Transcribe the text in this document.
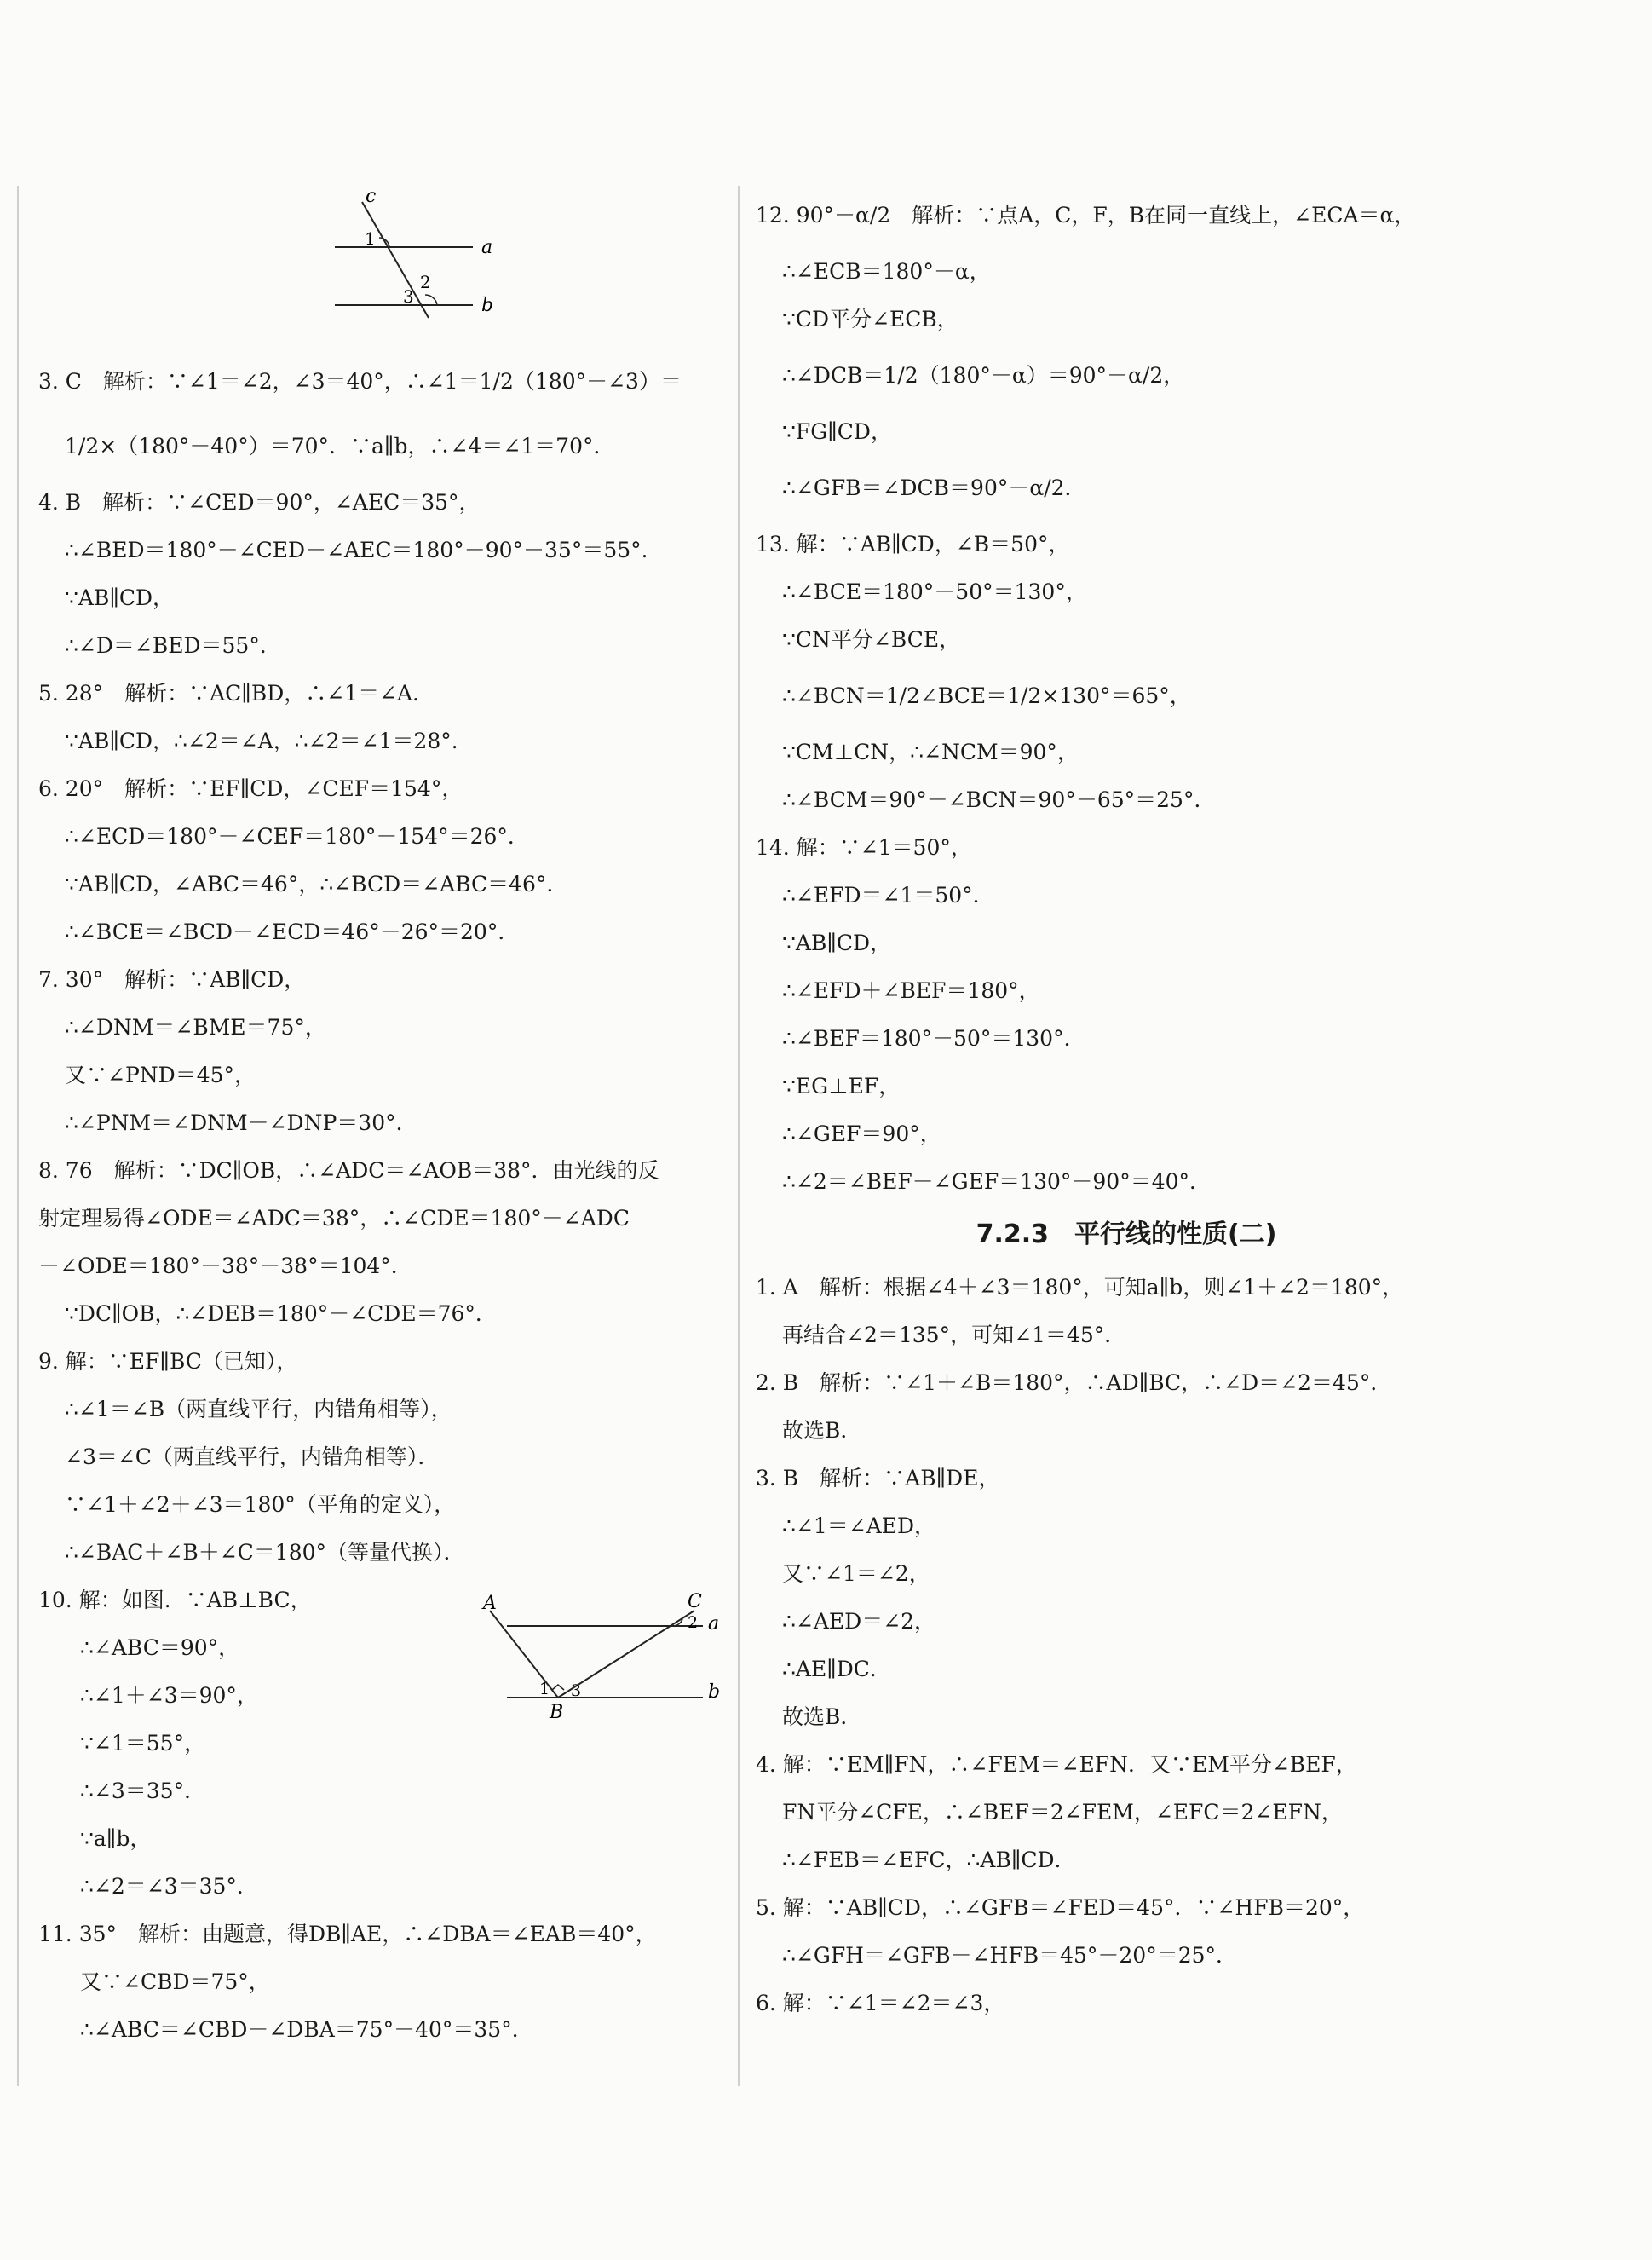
c
a
b
1
2
3
3. C　解析：∵∠1＝∠2，∠3＝40°，∴∠1＝1/2（180°－∠3）＝
1/2×（180°－40°）＝70°．∵a∥b，∴∠4＝∠1＝70°．
4. B　解析：∵∠CED＝90°，∠AEC＝35°，
∴∠BED＝180°－∠CED－∠AEC＝180°－90°－35°＝55°．
∵AB∥CD，
∴∠D＝∠BED＝55°．
5. 28°　解析：∵AC∥BD，∴∠1＝∠A．
∵AB∥CD，∴∠2＝∠A，∴∠2＝∠1＝28°．
6. 20°　解析：∵EF∥CD，∠CEF＝154°，
∴∠ECD＝180°－∠CEF＝180°－154°＝26°．
∵AB∥CD，∠ABC＝46°，∴∠BCD＝∠ABC＝46°．
∴∠BCE＝∠BCD－∠ECD＝46°－26°＝20°．
7. 30°　解析：∵AB∥CD，
∴∠DNM＝∠BME＝75°，
又∵∠PND＝45°，
∴∠PNM＝∠DNM－∠DNP＝30°．
8. 76　解析：∵DC∥OB，∴∠ADC＝∠AOB＝38°．由光线的反
射定理易得∠ODE＝∠ADC＝38°，∴∠CDE＝180°－∠ADC
－∠ODE＝180°－38°－38°＝104°．
∵DC∥OB，∴∠DEB＝180°－∠CDE＝76°．
9. 解：∵EF∥BC（已知），
∴∠1＝∠B（两直线平行，内错角相等），
∠3＝∠C（两直线平行，内错角相等）．
∵∠1＋∠2＋∠3＝180°（平角的定义），
∴∠BAC＋∠B＋∠C＝180°（等量代换）．
10. 解：如图．∵AB⊥BC，
∴∠ABC＝90°，
∴∠1＋∠3＝90°，
∵∠1＝55°，
∴∠3＝35°．
∵a∥b，
∴∠2＝∠3＝35°．
11. 35°　解析：由题意，得DB∥AE，∴∠DBA＝∠EAB＝40°，
又∵∠CBD＝75°，
∴∠ABC＝∠CBD－∠DBA＝75°－40°＝35°．
A	C
a
b
B
1
2
3
12. 90°－α/2　解析：∵点A，C，F，B在同一直线上，∠ECA＝α，
∴∠ECB＝180°－α，
∵CD平分∠ECB，
∴∠DCB＝1/2（180°－α）＝90°－α/2，
∵FG∥CD，
∴∠GFB＝∠DCB＝90°－α/2．
13. 解：∵AB∥CD，∠B＝50°，
∴∠BCE＝180°－50°＝130°，
∵CN平分∠BCE，
∴∠BCN＝1/2∠BCE＝1/2×130°＝65°，
∵CM⊥CN，∴∠NCM＝90°，
∴∠BCM＝90°－∠BCN＝90°－65°＝25°．
14. 解：∵∠1＝50°，
∴∠EFD＝∠1＝50°．
∵AB∥CD，
∴∠EFD＋∠BEF＝180°，
∴∠BEF＝180°－50°＝130°．
∵EG⊥EF，
∴∠GEF＝90°，
∴∠2＝∠BEF－∠GEF＝130°－90°＝40°．
7.2.3　平行线的性质(二)
1. A　解析：根据∠4＋∠3＝180°，可知a∥b，则∠1＋∠2＝180°，
再结合∠2＝135°，可知∠1＝45°．
2. B　解析：∵∠1＋∠B＝180°，∴AD∥BC，∴∠D＝∠2＝45°．
故选B．
3. B　解析：∵AB∥DE，
∴∠1＝∠AED，
又∵∠1＝∠2，
∴∠AED＝∠2，
∴AE∥DC．
故选B．
4. 解：∵EM∥FN，∴∠FEM＝∠EFN．又∵EM平分∠BEF，
FN平分∠CFE，∴∠BEF＝2∠FEM，∠EFC＝2∠EFN，
∴∠FEB＝∠EFC，∴AB∥CD．
5. 解：∵AB∥CD，∴∠GFB＝∠FED＝45°．∵∠HFB＝20°，
∴∠GFH＝∠GFB－∠HFB＝45°－20°＝25°．
6. 解：∵∠1＝∠2＝∠3，
